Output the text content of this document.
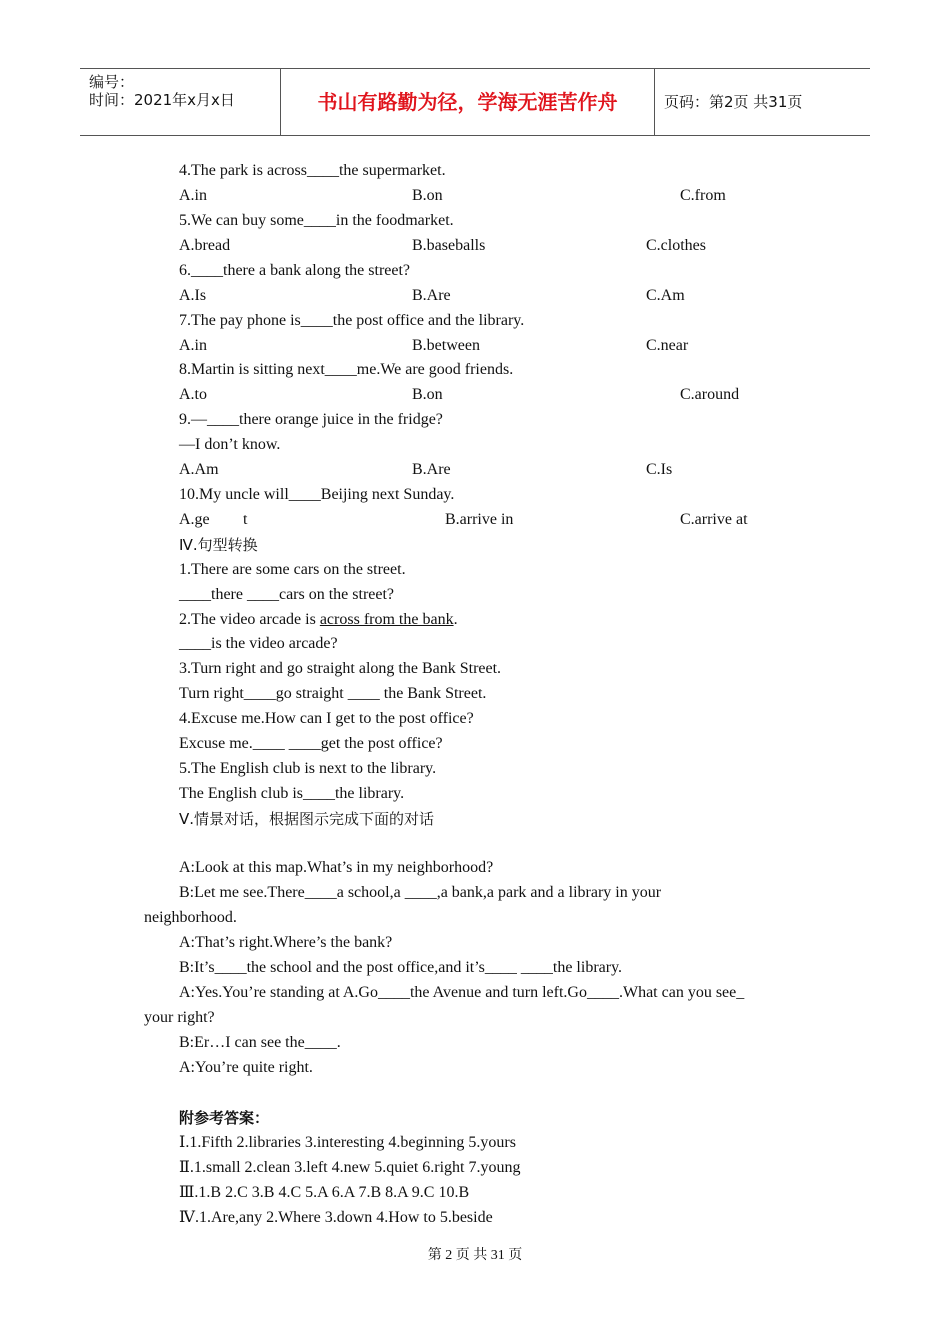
编号：
时间：2021年x月x日	书山有路勤为径，学海无涯苦作舟	页码：第2页 共31页
4.The park is across____the supermarket.
A.in	B.on	C.from
5.We can buy some____in the foodmarket.
A.bread	B.baseballs	C.clothes
6.____there a bank along the street?
A.Is	B.Are	C.Am
7.The pay phone is____the post office and the library.
A.in	B.between	C.near
8.Martin is sitting next____me.We are good friends.
A.to	B.on	C.around
9.—____there orange juice in the fridge?
—I don’t know.
A.Am	B.Are	C.Is
10.My uncle will____Beijing next Sunday.
A.ge t	B.arrive in	C.arrive at
Ⅳ.句型转换
1.There are some cars on the street.
____there ____cars on the street?
2.The video arcade is across from the bank.
____is the video arcade?
3.Turn right and go straight along the Bank Street.
Turn right____go straight ____ the Bank Street.
4.Excuse me.How can I get to the post office?
Excuse me.____ ____get the post office?
5.The English club is next to the library.
The English club is____the library.
Ⅴ.情景对话，根据图示完成下面的对话
A:Look at this map.What’s in my neighborhood?
B:Let me see.There____a school,a ____,a bank,a park and a library in your
neighborhood.
A:That’s right.Where’s the bank?
B:It’s____the school and the post office,and it’s____ ____the library.
A:Yes.You’re standing at A.Go____the Avenue and turn left.Go____.What can you see_
your right?
B:Er…I can see the____.
A:You’re quite right.
附参考答案：
Ⅰ.1.Fifth 2.libraries 3.interesting 4.beginning 5.yours
Ⅱ.1.small 2.clean 3.left 4.new 5.quiet 6.right 7.young
Ⅲ.1.B 2.C 3.B 4.C 5.A 6.A 7.B 8.A 9.C 10.B
Ⅳ.1.Are,any 2.Where 3.down 4.How to 5.beside
第 2 页 共 31 页
